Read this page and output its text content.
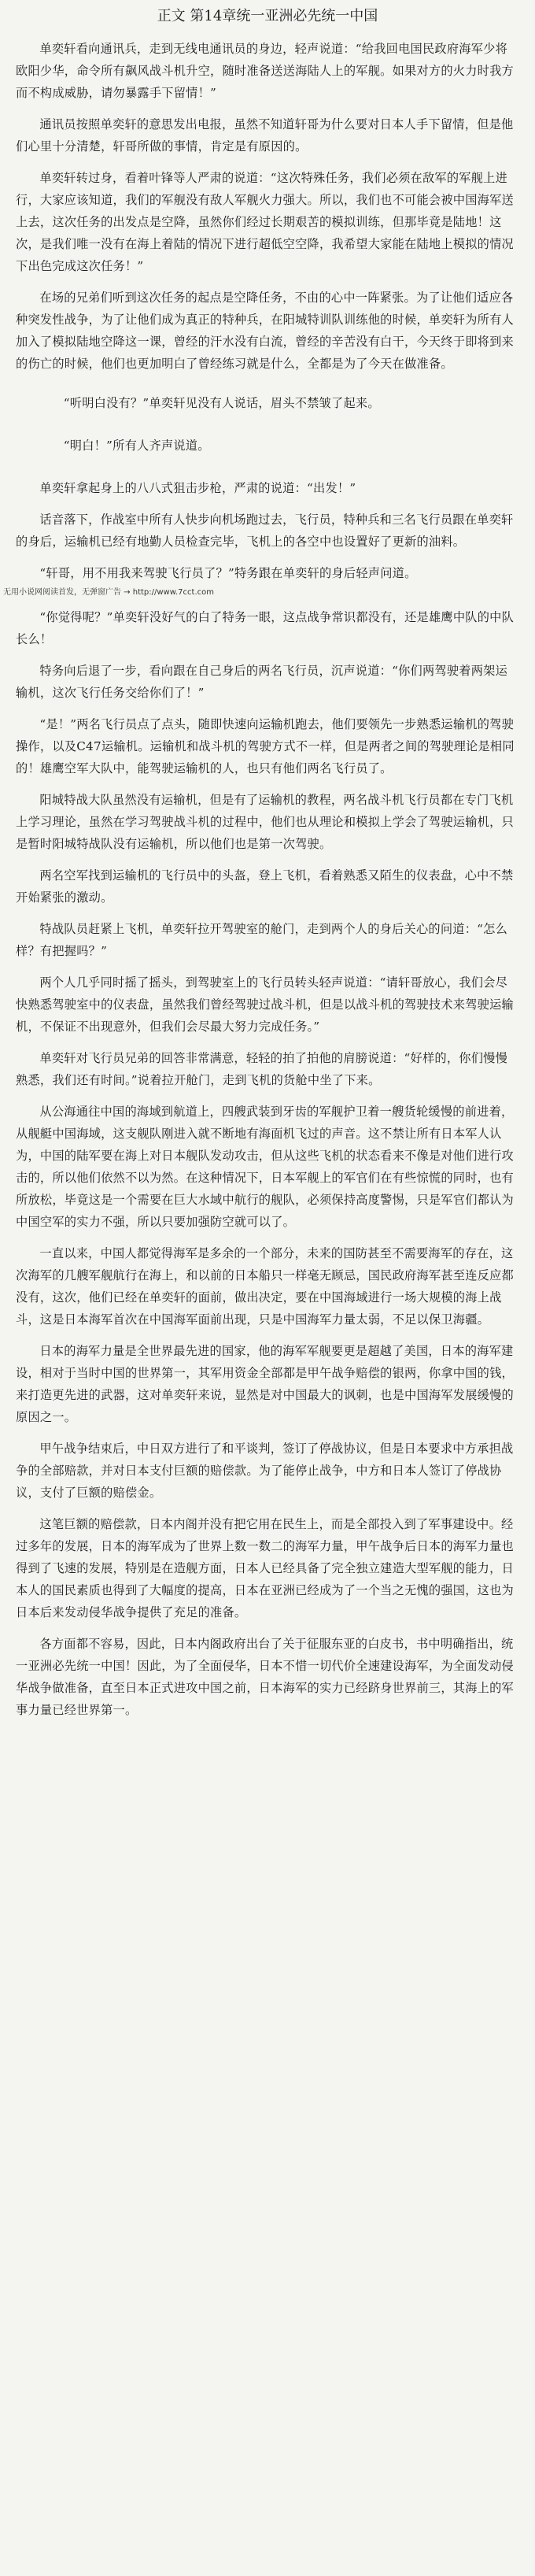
正文 第14章统一亚洲必先统一中国

单奕轩看向通讯兵，走到无线电通讯员的身边，轻声说道：“给我回电国民政府海军少将欧阳少华，命令所有飙风战斗机升空，随时准备送送海陆人上的军舰。如果对方的火力时我方而不构成威胁，请勿暴露手下留情！”

通讯员按照单奕轩的意思发出电报，虽然不知道轩哥为什么要对日本人手下留情，但是他们心里十分清楚，轩哥所做的事情，肯定是有原因的。

单奕轩转过身，看着叶锋等人严肃的说道：“这次特殊任务，我们必须在敌军的军舰上进行，大家应该知道，我们的军舰没有敌人军舰火力强大。所以，我们也不可能会被中国海军送上去，这次任务的出发点是空降，虽然你们经过长期艰苦的模拟训练，但那毕竟是陆地！这次，是我们唯一没有在海上着陆的情况下进行超低空空降，我希望大家能在陆地上模拟的情况下出色完成这次任务！”

在场的兄弟们听到这次任务的起点是空降任务，不由的心中一阵紧张。为了让他们适应各种突发性战争，为了让他们成为真正的特种兵，在阳城特训队训练他的时候，单奕轩为所有人加入了模拟陆地空降这一课，曾经的汗水没有白流，曾经的辛苦没有白干，今天终于即将到来的伤亡的时候，他们也更加明白了曾经练习就是什么，全都是为了今天在做准备。

“听明白没有？”单奕轩见没有人说话，眉头不禁皱了起来。

“明白！”所有人齐声说道。

单奕轩拿起身上的八八式狙击步枪，严肃的说道：“出发！”

话音落下，作战室中所有人快步向机场跑过去，飞行员，特种兵和三名飞行员跟在单奕轩的身后，运输机已经有地勤人员检查完毕，飞机上的各空中也设置好了更新的油料。

“轩哥，用不用我来驾驶飞行员了？”特务跟在单奕轩的身后轻声问道。

无用小说网阅读首发，无弹窗广告 → http://www.7cct.com

“你觉得呢？”单奕轩没好气的白了特务一眼，这点战争常识都没有，还是雄鹰中队的中队长么！

特务向后退了一步，看向跟在自己身后的两名飞行员，沉声说道：“你们两驾驶着两架运输机，这次飞行任务交给你们了！”

“是！”两名飞行员点了点头，随即快速向运输机跑去，他们要领先一步熟悉运输机的驾驶操作，以及C47运输机。运输机和战斗机的驾驶方式不一样，但是两者之间的驾驶理论是相同的！雄鹰空军大队中，能驾驶运输机的人，也只有他们两名飞行员了。

阳城特战大队虽然没有运输机，但是有了运输机的教程，两名战斗机飞行员都在专门飞机上学习理论，虽然在学习驾驶战斗机的过程中，他们也从理论和模拟上学会了驾驶运输机，只是暂时阳城特战队没有运输机，所以他们也是第一次驾驶。

两名空军找到运输机的飞行员中的头盔，登上飞机，看着熟悉又陌生的仪表盘，心中不禁开始紧张的激动。

特战队员赶紧上飞机，单奕轩拉开驾驶室的舱门，走到两个人的身后关心的问道：“怎么样？有把握吗？”

两个人几乎同时摇了摇头，到驾驶室上的飞行员转头轻声说道：“请轩哥放心，我们会尽快熟悉驾驶室中的仪表盘，虽然我们曾经驾驶过战斗机，但是以战斗机的驾驶技术来驾驶运输机，不保证不出现意外，但我们会尽最大努力完成任务。”

单奕轩对飞行员兄弟的回答非常满意，轻轻的拍了拍他的肩膀说道：“好样的，你们慢慢熟悉，我们还有时间。”说着拉开舱门，走到飞机的货舱中坐了下来。

从公海通往中国的海域到航道上，四艘武装到牙齿的军舰护卫着一艘货轮缓慢的前进着，从舰艇中国海域，这支舰队刚进入就不断地有海面机飞过的声音。这不禁让所有日本军人认为，中国的陆军要在海上对日本舰队发动攻击，但从这些飞机的状态看来不像是对他们进行攻击的，所以他们依然不以为然。在这种情况下，日本军舰上的军官们在有些惊慌的同时，也有所放松，毕竟这是一个需要在巨大水域中航行的舰队，必须保持高度警惕，只是军官们都认为中国空军的实力不强，所以只要加强防空就可以了。

一直以来，中国人都觉得海军是多余的一个部分，未来的国防甚至不需要海军的存在，这次海军的几艘军舰航行在海上，和以前的日本船只一样毫无顾忌，国民政府海军甚至连反应都没有，这次，他们已经在单奕轩的面前，做出决定，要在中国海域进行一场大规模的海上战斗，这是日本海军首次在中国海军面前出现，只是中国海军力量太弱，不足以保卫海疆。

日本的海军力量是全世界最先进的国家，他的海军军舰要更是超越了美国，日本的海军建设，相对于当时中国的世界第一，其军用资金全部都是甲午战争赔偿的银两，你拿中国的钱，来打造更先进的武器，这对单奕轩来说，显然是对中国最大的讽刺，也是中国海军发展缓慢的原因之一。

甲午战争结束后，中日双方进行了和平谈判，签订了停战协议，但是日本要求中方承担战争的全部赔款，并对日本支付巨额的赔偿款。为了能停止战争，中方和日本人签订了停战协议，支付了巨额的赔偿金。

这笔巨额的赔偿款，日本内阁并没有把它用在民生上，而是全部投入到了军事建设中。经过多年的发展，日本的海军成为了世界上数一数二的海军力量，甲午战争后日本的海军力量也得到了飞速的发展，特别是在造舰方面，日本人已经具备了完全独立建造大型军舰的能力，日本人的国民素质也得到了大幅度的提高，日本在亚洲已经成为了一个当之无愧的强国，这也为日本后来发动侵华战争提供了充足的准备。

各方面都不容易，因此，日本内阁政府出台了关于征服东亚的白皮书，书中明确指出，统一亚洲必先统一中国！因此，为了全面侵华，日本不惜一切代价全速建设海军，为全面发动侵华战争做准备，直至日本正式进攻中国之前，日本海军的实力已经跻身世界前三，其海上的军事力量已经世界第一。
